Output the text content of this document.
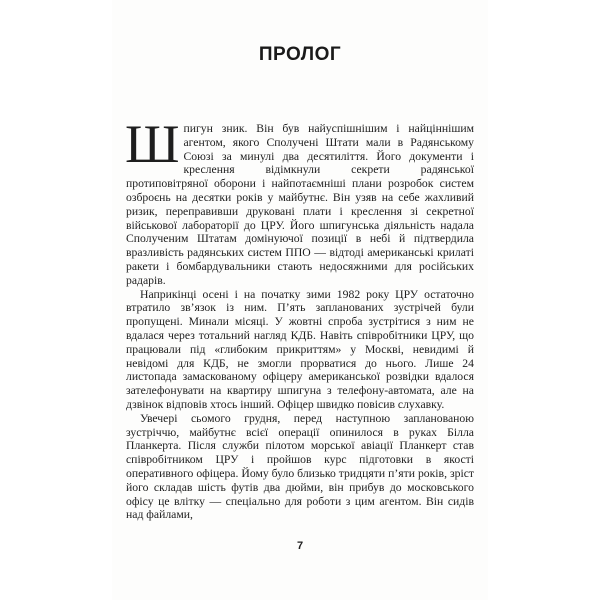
ПРОЛОГ

Шпигун зник. Він був найуспішнішим і найціннішим агентом, якого Сполучені Штати мали в Радянському Союзі за минулі два десятиліття. Його документи і креслення відімкнули секрети радянської протиповітряної оборони і найпотаємніші плани розробок систем озброєнь на десятки років у майбутнє. Він узяв на себе жахливий ризик, переправивши друковані плати і креслення зі секретної військової лабораторії до ЦРУ. Його шпигунська діяльність надала Сполученим Штатам домінуючої позиції в небі й підтвердила вразливість радянських систем ППО — відтоді американські крилаті ракети і бомбардувальники стають недосяжними для російських радарів.

Наприкінці осені і на початку зими 1982 року ЦРУ остаточно втратило зв’язок із ним. П’ять запланованих зустрічей були пропущені. Минали місяці. У жовтні спроба зустрітися з ним не вдалася через тотальний нагляд КДБ. Навіть співробітники ЦРУ, що працювали під «глибоким прикриттям» у Москві, невидимі й невідомі для КДБ, не змогли прорватися до нього. Лише 24 листопада замаскованому офіцеру американської розвідки вдалося зателефонувати на квартиру шпигуна з телефону-автомата, але на дзвінок відповів хтось інший. Офіцер швидко повісив слухавку.

Увечері сьомого грудня, перед наступною запланованою зустріччю, майбутнє всієї операції опинилося в руках Білла Планкерта. Після служби пілотом морської авіації Планкерт став співробітником ЦРУ і пройшов курс підготовки в якості оперативного офіцера. Йому було близько тридцяти п’яти років, зріст його складав шість футів два дюйми, він прибув до московського офісу це влітку — спеціально для роботи з цим агентом. Він сидів над файлами,

7
